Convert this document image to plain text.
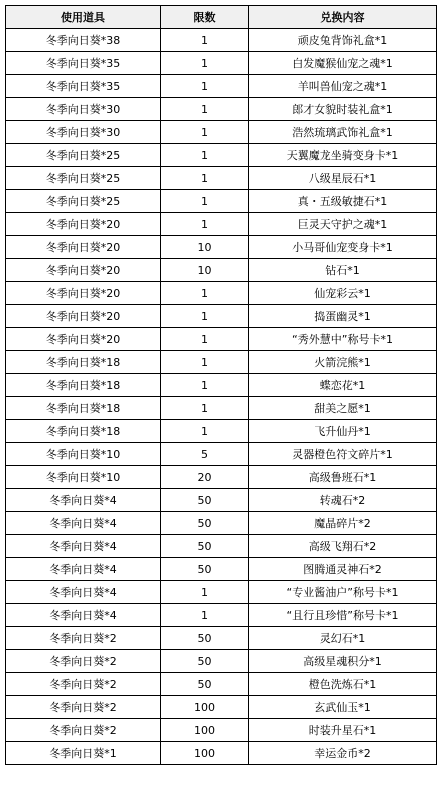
使用道具	限数	兑换内容
冬季向日葵*38	1	顽皮兔背饰礼盒*1
冬季向日葵*35	1	白发魔猴仙宠之魂*1
冬季向日葵*35	1	羊叫兽仙宠之魂*1
冬季向日葵*30	1	郎才女貌时装礼盒*1
冬季向日葵*30	1	浩然琉璃武饰礼盒*1
冬季向日葵*25	1	天翼魔龙坐骑变身卡*1
冬季向日葵*25	1	八级星辰石*1
冬季向日葵*25	1	真・五级敏捷石*1
冬季向日葵*20	1	巨灵天守护之魂*1
冬季向日葵*20	10	小马哥仙宠变身卡*1
冬季向日葵*20	10	钻石*1
冬季向日葵*20	1	仙宠彩云*1
冬季向日葵*20	1	捣蛋幽灵*1
冬季向日葵*20	1	“秀外慧中”称号卡*1
冬季向日葵*18	1	火箭浣熊*1
冬季向日葵*18	1	蝶恋花*1
冬季向日葵*18	1	甜美之愿*1
冬季向日葵*18	1	飞升仙丹*1
冬季向日葵*10	5	灵器橙色符文碎片*1
冬季向日葵*10	20	高级鲁班石*1
冬季向日葵*4	50	转魂石*2
冬季向日葵*4	50	魔晶碎片*2
冬季向日葵*4	50	高级飞翔石*2
冬季向日葵*4	50	图腾通灵神石*2
冬季向日葵*4	1	“专业酱油户”称号卡*1
冬季向日葵*4	1	“且行且珍惜”称号卡*1
冬季向日葵*2	50	灵幻石*1
冬季向日葵*2	50	高级星魂积分*1
冬季向日葵*2	50	橙色洗炼石*1
冬季向日葵*2	100	玄武仙玉*1
冬季向日葵*2	100	时装升星石*1
冬季向日葵*1	100	幸运金币*2
